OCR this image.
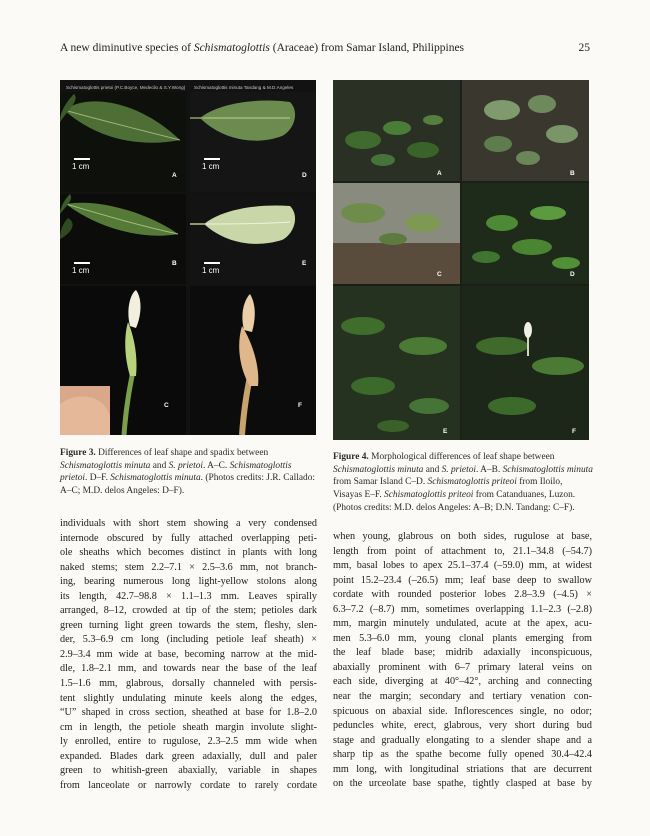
A new diminutive species of Schismatoglottis (Araceae) from Samar Island, Philippines	25
Schismatoglottis prietoi (P.C.Boyce, Medecilo & S.Y.Wong) Schismatoglottis minuta Tandang & M.D.Angeles
1 cm
A
1 cm
D
1 cm
B
1 cm
E
C	F
A	B
C	D
E	F
Figure 3. Differences of leaf shape and spadix between Schismatoglottis minuta and S. prietoi. A–C. Schismatoglottis prietoi. D–F. Schismatoglottis minuta. (Photos credits: J.R. Callado: A–C; M.D. delos Angeles: D–F).
Figure 4. Morphological differences of leaf shape between Schismatoglottis minuta and S. prietoi. A–B. Schismatoglottis minuta from Samar Island C–D. Schismatoglottis priteoi from Iloilo, Visayas E–F. Schismatoglottis priteoi from Catanduanes, Luzon. (Photos credits: M.D. delos Angeles: A–B; D.N. Tandang: C–F).
individuals with short stem showing a very condensed
internode obscured by fully attached overlapping peti-
ole sheaths which becomes distinct in plants with long
naked stems; stem 2.2–7.1 × 2.5–3.6 mm, not branch-
ing, bearing numerous long light-yellow stolons along
its length, 42.7–98.8 × 1.1–1.3 mm. Leaves spirally
arranged, 8–12, crowded at tip of the stem; petioles dark
green turning light green towards the stem, fleshy, slen-
der, 5.3–6.9 cm long (including petiole leaf sheath) ×
2.9–3.4 mm wide at base, becoming narrow at the mid-
dle, 1.8–2.1 mm, and towards near the base of the leaf
1.5–1.6 mm, glabrous, dorsally channeled with persis-
tent slightly undulating minute keels along the edges,
“U” shaped in cross section, sheathed at base for 1.8–2.0
cm in length, the petiole sheath margin involute slight-
ly enrolled, entire to rugulose, 2.3–2.5 mm wide when
expanded. Blades dark green adaxially, dull and paler
green to whitish-green abaxially, variable in shapes
from lanceolate or narrowly cordate to rarely cordate
when young, glabrous on both sides, rugulose at base,
length from point of attachment to, 21.1–34.8 (–54.7)
mm, basal lobes to apex 25.1–37.4 (–59.0) mm, at widest
point 15.2–23.4 (–26.5) mm; leaf base deep to swallow
cordate with rounded posterior lobes 2.8–3.9 (–4.5) ×
6.3–7.2 (–8.7) mm, sometimes overlapping 1.1–2.3 (–2.8)
mm, margin minutely undulated, acute at the apex, acu-
men 5.3–6.0 mm, young clonal plants emerging from
the leaf blade base; midrib adaxially inconspicuous,
abaxially prominent with 6–7 primary lateral veins on
each side, diverging at 40°–42°, arching and connecting
near the margin; secondary and tertiary venation con-
spicuous on abaxial side. Inflorescences single, no odor;
peduncles white, erect, glabrous, very short during bud
stage and gradually elongating to a slender shape and a
sharp tip as the spathe become fully opened 30.4–42.4
mm long, with longitudinal striations that are decurrent
on the urceolate base spathe, tightly clasped at base by
